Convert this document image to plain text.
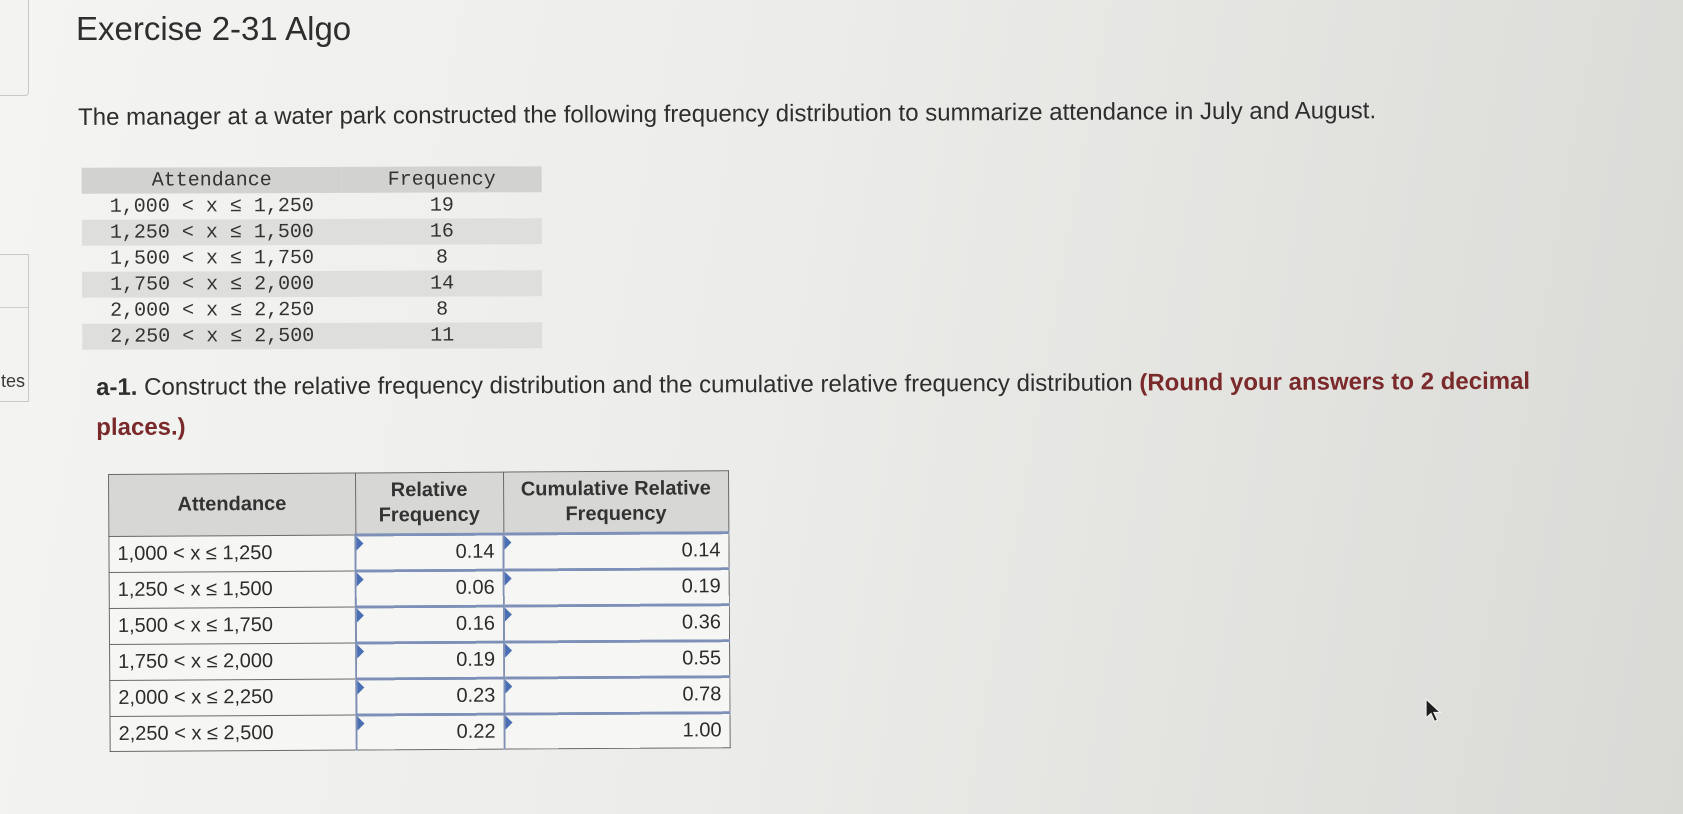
tes
Exercise 2-31 Algo

The manager at a water park constructed the following frequency distribution to summarize attendance in July and August.

Attendance	Frequency
1,000 < x ≤ 1,250	19
1,250 < x ≤ 1,500	16
1,500 < x ≤ 1,750	8
1,750 < x ≤ 2,000	14
2,000 < x ≤ 2,250	8
2,250 < x ≤ 2,500	11

a-1. Construct the relative frequency distribution and the cumulative relative frequency distribution (Round your answers to 2 decimal places.)

Attendance	Relative Frequency	Cumulative Relative Frequency
1,000 < x ≤ 1,250	0.14	0.14
1,250 < x ≤ 1,500	0.06	0.19
1,500 < x ≤ 1,750	0.16	0.36
1,750 < x ≤ 2,000	0.19	0.55
2,000 < x ≤ 2,250	0.23	0.78
2,250 < x ≤ 2,500	0.22	1.00
